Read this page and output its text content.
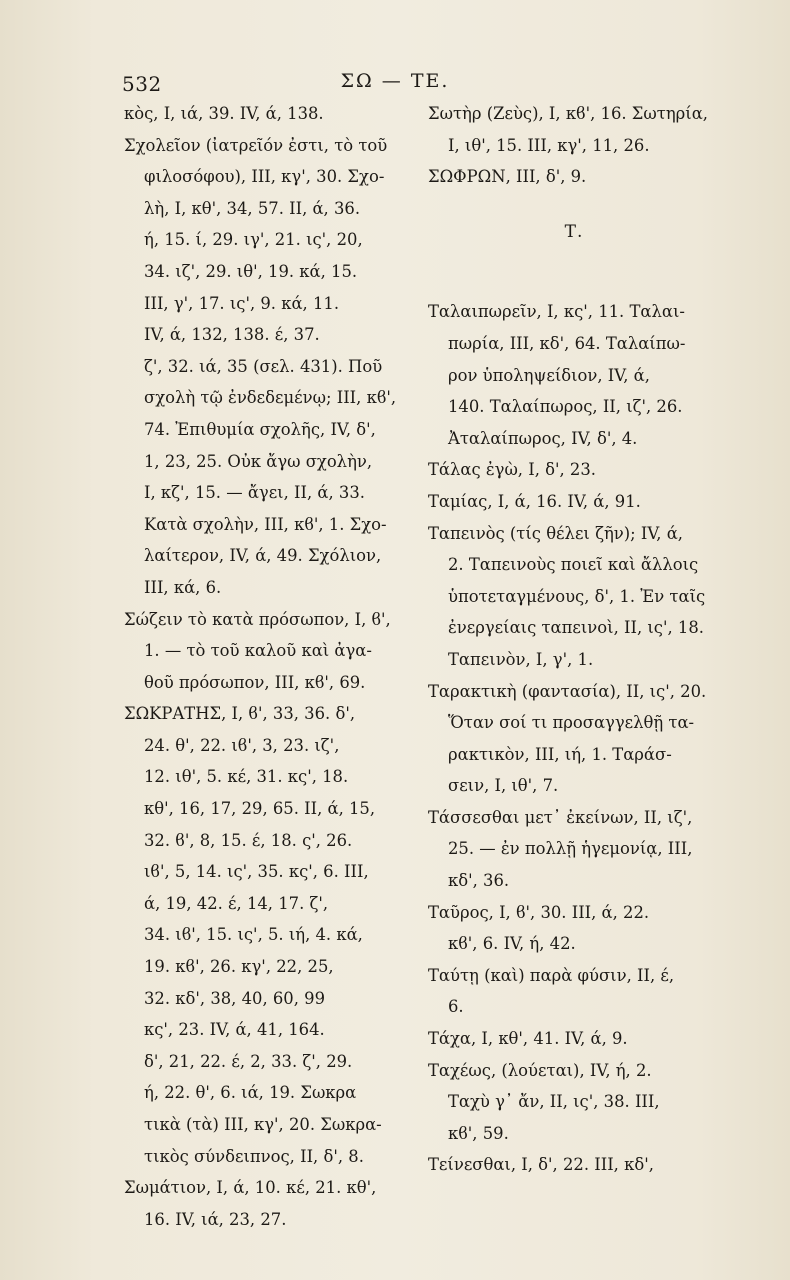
532	ΣΩ — ΤΕ.
κὸς, I, ιά, 39. IV, ά, 138.
Σχολεῖον (ἰατρεῖόν ἐστι, τὸ τοῦ
φιλοσόφου), III, κγ', 30. Σχο-
λὴ, I, κθ', 34, 57. II, ά, 36.
ή, 15. ί, 29. ιγ', 21. ις', 20,
34. ιζ', 29. ιθ', 19. κά, 15.
III, γ', 17. ις', 9. κά, 11.
IV, ά, 132, 138. έ, 37.
ζ', 32. ιά, 35 (σελ. 431). Ποῦ
σχολὴ τῷ ἐνδεδεμένῳ; III, κϐ',
74. Ἐπιθυμία σχολῆς, IV, δ',
1, 23, 25. Οὐκ ἄγω σχολὴν,
I, κζ', 15. — ἄγει, II, ά, 33.
Κατὰ σχολὴν, III, κϐ', 1. Σχο-
λαίτερον, IV, ά, 49. Σχόλιον,
III, κά, 6.
Σώζειν τὸ κατὰ πρόσωπον, I, ϐ',
1. — τὸ τοῦ καλοῦ καὶ ἀγα-
θοῦ πρόσωπον, III, κϐ', 69.
ΣΩΚΡΑΤΗΣ, I, ϐ', 33, 36. δ',
24. θ', 22. ιϐ', 3, 23. ιζ',
12. ιθ', 5. κέ, 31. κς', 18.
κθ', 16, 17, 29, 65. II, ά, 15,
32. ϐ', 8, 15. έ, 18. ς', 26.
ιϐ', 5, 14. ις', 35. κς', 6. III,
ά, 19, 42. έ, 14, 17. ζ',
34. ιϐ', 15. ις', 5. ιή, 4. κά,
19. κϐ', 26. κγ', 22, 25,
32. κδ', 38, 40, 60, 99
κς', 23. IV, ά, 41, 164.
δ', 21, 22. έ, 2, 33. ζ', 29.
ή, 22. θ', 6. ιά, 19. Σωκρα
τικὰ (τὰ) III, κγ', 20. Σωκρα-
τικὸς σύνδειπνος, II, δ', 8.
Σωμάτιον, I, ά, 10. κέ, 21. κθ',
16. IV, ιά, 23, 27.
Σωτὴρ (Ζεὺς), I, κϐ', 16. Σωτηρία,
I, ιθ', 15. III, κγ', 11, 26.
ΣΩΦΡΩΝ, III, δ', 9.
Τ.
Ταλαιπωρεῖν, I, κς', 11. Ταλαι-
πωρία, III, κδ', 64. Ταλαίπω-
ρον ὑποληψείδιον, IV, ά,
140. Ταλαίπωρος, II, ιζ', 26.
Ἀταλαίπωρος, IV, δ', 4.
Τάλας ἐγὼ, I, δ', 23.
Ταμίας, I, ά, 16. IV, ά, 91.
Ταπεινὸς (τίς θέλει ζῆν); IV, ά,
2. Ταπεινοὺς ποιεῖ καὶ ἄλλοις
ὑποτεταγμένους, δ', 1. Ἐν ταῖς
ἐνεργείαις ταπεινοὶ, II, ις', 18.
Ταπεινὸν, I, γ', 1.
Ταρακτικὴ (φαντασία), II, ις', 20.
Ὅταν σοί τι προσαγγελθῇ τα-
ρακτικὸν, III, ιή, 1. Ταράσ-
σειν, I, ιθ', 7.
Τάσσεσθαι μετ᾿ ἐκείνων, II, ιζ',
25. — ἐν πολλῇ ἡγεμονίᾳ, III,
κδ', 36.
Ταῦρος, I, ϐ', 30. III, ά, 22.
κϐ', 6. IV, ή, 42.
Ταύτῃ (καὶ) παρὰ φύσιν, II, έ,
6.
Τάχα, I, κθ', 41. IV, ά, 9.
Ταχέως, (λούεται), IV, ή, 2.
Ταχὺ γ᾿ ἄν, II, ις', 38. III,
κϐ', 59.
Τείνεσθαι, I, δ', 22. III, κδ',
